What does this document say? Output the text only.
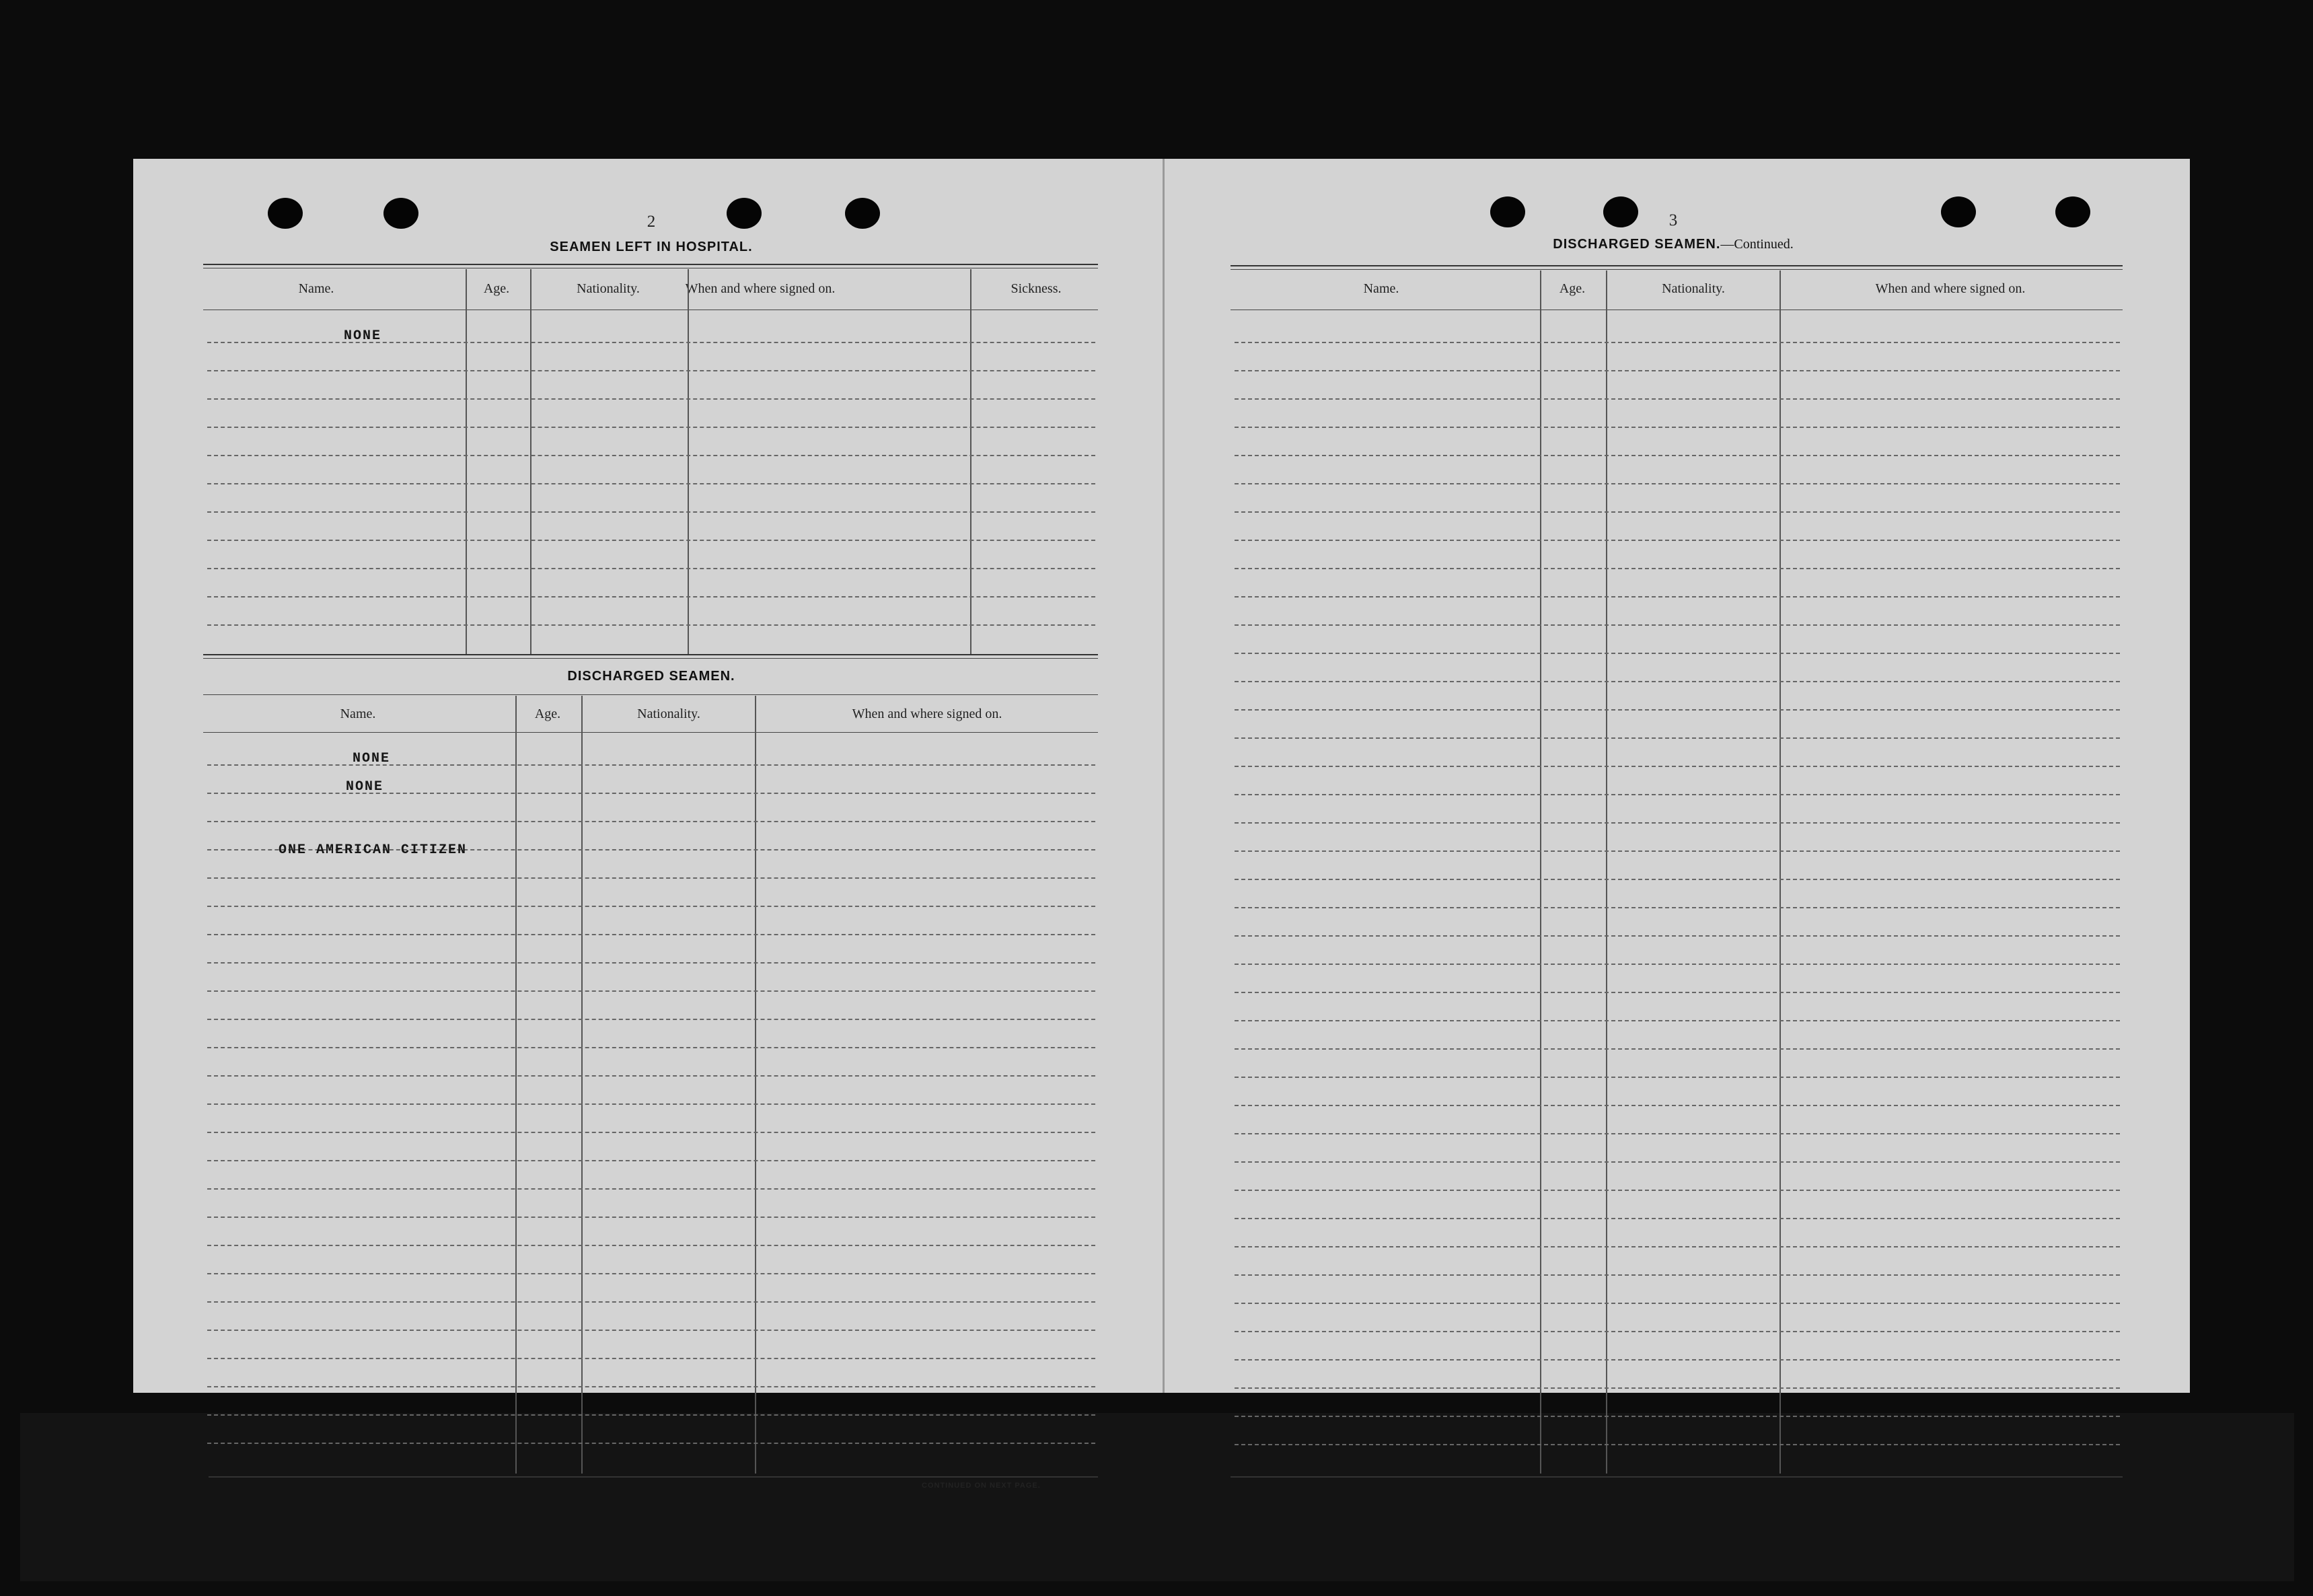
2
SEAMEN LEFT IN HOSPITAL.
Name.	Age.	Nationality.	When and where signed on.	Sickness.
NONE
DISCHARGED SEAMEN.
Name.	Age.	Nationality.	When and where signed on.
NONE
NONE
ONE AMERICAN CITIZEN
CONTINUED ON NEXT PAGE.
3
DISCHARGED SEAMEN.—Continued.
Name.	Age.	Nationality.	When and where signed on.
